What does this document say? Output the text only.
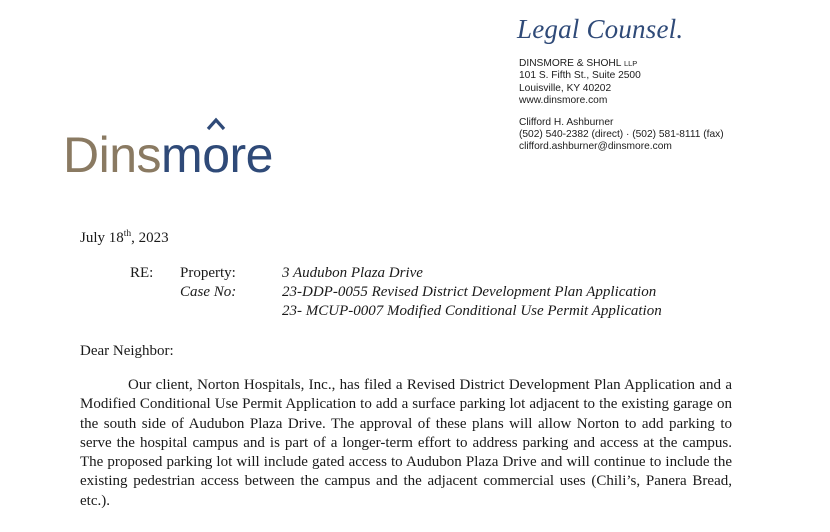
Legal Counsel.
DINSMORE & SHOHL LLP
101 S. Fifth St., Suite 2500
Louisville, KY 40202
www.dinsmore.com
Clifford H. Ashburner
(502) 540-2382 (direct) · (502) 581-8111 (fax)
clifford.ashburner@dinsmore.com
Dinsm
ore
July 18th, 2023
RE: Property:	3 Audubon Plaza Drive
Case No:	23-DDP-0055 Revised District Development Plan Application
23- MCUP-0007 Modified Conditional Use Permit Application
Dear Neighbor:
Our client, Norton Hospitals, Inc., has filed a Revised District Development Plan Application and a Modified Conditional Use Permit Application to add a surface parking lot adjacent to the existing garage on the south side of Audubon Plaza Drive. The approval of these plans will allow Norton to add parking to serve the hospital campus and is part of a longer-term effort to address parking and access at the campus. The proposed parking lot will include gated access to Audubon Plaza Drive and will continue to include the existing pedestrian access between the campus and the adjacent commercial uses (Chili’s, Panera Bread, etc.).
